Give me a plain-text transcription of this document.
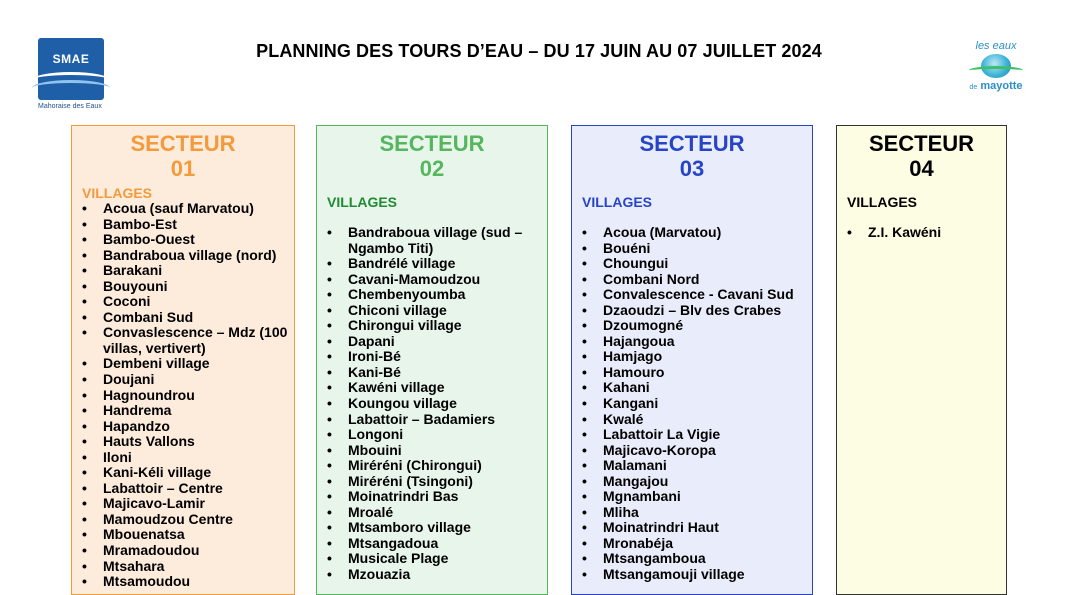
SMAE
Mahoraise des Eaux
PLANNING DES TOURS D’EAU – DU 17 JUIN AU 07 JUILLET 2024	les eaux
de mayotte
SECTEUR
01
VILLAGES
• Acoua (sauf Marvatou)
• Bambo-Est
• Bambo-Ouest
• Bandraboua village (nord)
• Barakani
• Bouyouni
• Coconi
• Combani Sud
• Convaslescence – Mdz (100 villas, vertivert)
• Dembeni village
• Doujani
• Hagnoundrou
• Handrema
• Hapandzo
• Hauts Vallons
• Iloni
• Kani-Kéli village
• Labattoir – Centre
• Majicavo-Lamir
• Mamoudzou Centre
• Mbouenatsa
• Mramadoudou
• Mtsahara
• Mtsamoudou
SECTEUR
02
VILLAGES
• Bandraboua village (sud – Ngambo Titi)
• Bandrélé village
• Cavani-Mamoudzou
• Chembenyoumba
• Chiconi village
• Chirongui village
• Dapani
• Ironi-Bé
• Kani-Bé
• Kawéni village
• Koungou village
• Labattoir – Badamiers
• Longoni
• Mbouini
• Miréréni (Chirongui)
• Miréréni (Tsingoni)
• Moinatrindri Bas
• Mroalé
• Mtsamboro village
• Mtsangadoua
• Musicale Plage
• Mzouazia
SECTEUR
03
VILLAGES
• Acoua (Marvatou)
• Bouéni
• Choungui
• Combani Nord
• Convalescence - Cavani Sud
• Dzaoudzi – Blv des Crabes
• Dzoumogné
• Hajangoua
• Hamjago
• Hamouro
• Kahani
• Kangani
• Kwalé
• Labattoir La Vigie
• Majicavo-Koropa
• Malamani
• Mangajou
• Mgnambani
• Mliha
• Moinatrindri Haut
• Mronabéja
• Mtsangamboua
• Mtsangamouji village
SECTEUR
04
VILLAGES
• Z.I. Kawéni
